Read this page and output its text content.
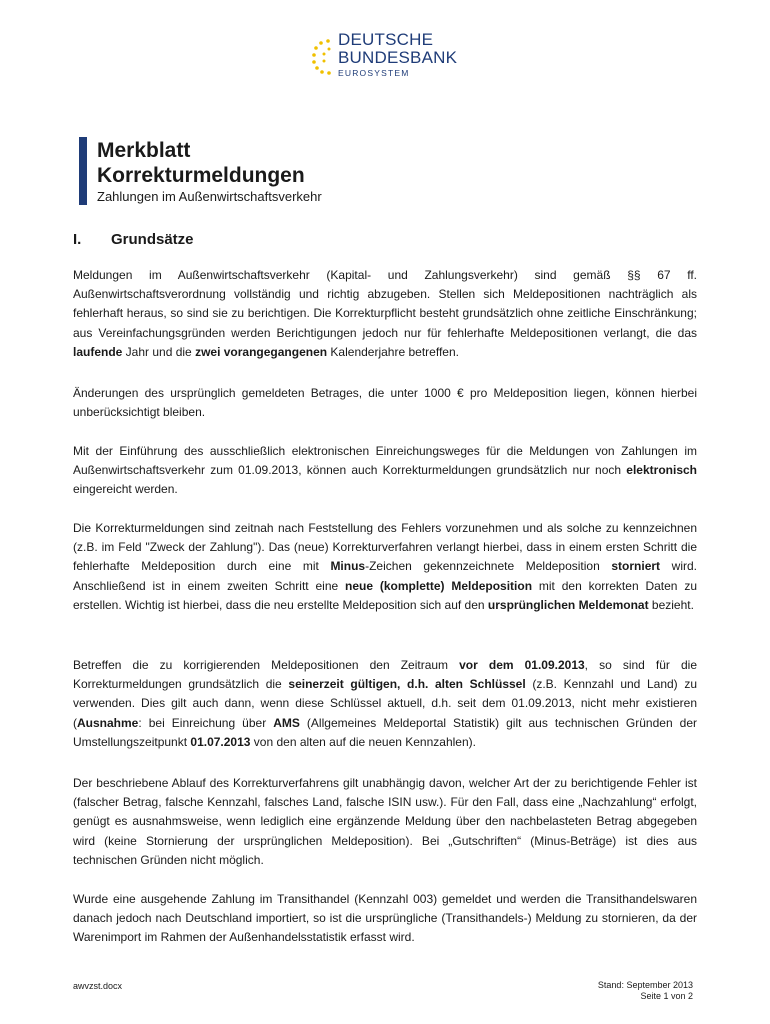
DEUTSCHE
BUNDESBANK
EUROSYSTEM
Merkblatt
Korrekturmeldungen
Zahlungen im Außenwirtschaftsverkehr
I. Grundsätze

Meldungen im Außenwirtschaftsverkehr (Kapital- und Zahlungsverkehr) sind gemäß §§ 67 ff. Außenwirtschaftsverordnung vollständig und richtig abzugeben. Stellen sich Meldepositionen nachträglich als fehlerhaft heraus, so sind sie zu berichtigen. Die Korrekturpflicht besteht grundsätzlich ohne zeitliche Einschränkung; aus Vereinfachungsgründen werden Berichtigungen jedoch nur für fehlerhafte Meldepositionen verlangt, die das laufende Jahr und die zwei vorangegangenen Kalenderjahre betreffen.

Änderungen des ursprünglich gemeldeten Betrages, die unter 1000 € pro Meldeposition liegen, können hierbei unberücksichtigt bleiben.

Mit der Einführung des ausschließlich elektronischen Einreichungsweges für die Meldungen von Zahlungen im Außenwirtschaftsverkehr zum 01.09.2013, können auch Korrekturmeldungen grundsätzlich nur noch elektronisch eingereicht werden.

Die Korrekturmeldungen sind zeitnah nach Feststellung des Fehlers vorzunehmen und als solche zu kennzeichnen (z.B. im Feld "Zweck der Zahlung"). Das (neue) Korrekturverfahren verlangt hierbei, dass in einem ersten Schritt die fehlerhafte Meldeposition durch eine mit Minus-Zeichen gekennzeichnete Meldeposition storniert wird. Anschließend ist in einem zweiten Schritt eine neue (komplette) Meldeposition mit den korrekten Daten zu erstellen. Wichtig ist hierbei, dass die neu erstellte Meldeposition sich auf den ursprünglichen Meldemonat bezieht.

Betreffen die zu korrigierenden Meldepositionen den Zeitraum vor dem 01.09.2013, so sind für die Korrekturmeldungen grundsätzlich die seinerzeit gültigen, d.h. alten Schlüssel (z.B. Kennzahl und Land) zu verwenden. Dies gilt auch dann, wenn diese Schlüssel aktuell, d.h. seit dem 01.09.2013, nicht mehr existieren (Ausnahme: bei Einreichung über AMS (Allgemeines Meldeportal Statistik) gilt aus technischen Gründen der Umstellungszeitpunkt 01.07.2013 von den alten auf die neuen Kennzahlen).

Der beschriebene Ablauf des Korrekturverfahrens gilt unabhängig davon, welcher Art der zu berichtigende Fehler ist (falscher Betrag, falsche Kennzahl, falsches Land, falsche ISIN usw.). Für den Fall, dass eine „Nachzahlung“ erfolgt, genügt es ausnahmsweise, wenn lediglich eine ergänzende Meldung über den nachbelasteten Betrag abgegeben wird (keine Stornierung der ursprünglichen Meldeposition). Bei „Gutschriften“ (Minus-Beträge) ist dies aus technischen Gründen nicht möglich.

Wurde eine ausgehende Zahlung im Transithandel (Kennzahl 003) gemeldet und werden die Transithandelswaren danach jedoch nach Deutschland importiert, so ist die ursprüngliche (Transithandels-) Meldung zu stornieren, da der Warenimport im Rahmen der Außenhandelsstatistik erfasst wird.

awvzst.docx	Stand: September 2013
Seite 1 von 2
